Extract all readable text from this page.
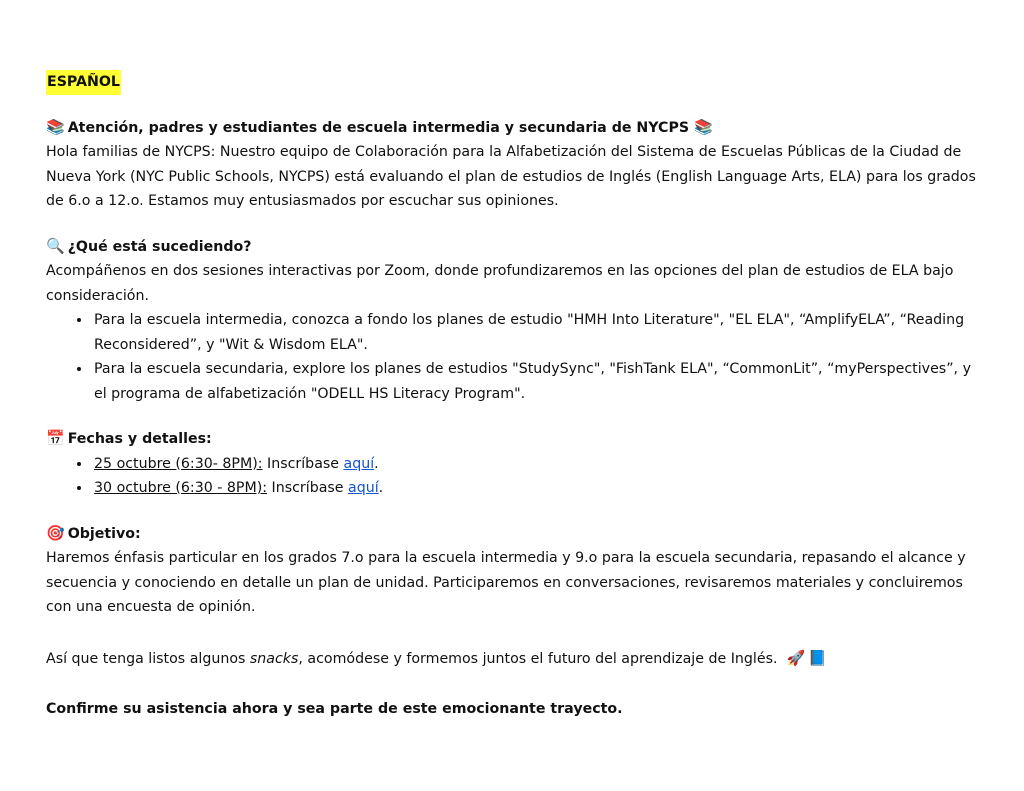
ESPAÑOL

📚 Atención, padres y estudiantes de escuela intermedia y secundaria de NYCPS 📚

Hola familias de NYCPS: Nuestro equipo de Colaboración para la Alfabetización del Sistema de Escuelas Públicas de la Ciudad de Nueva York (NYC Public Schools, NYCPS) está evaluando el plan de estudios de Inglés (English Language Arts, ELA) para los grados de 6.o a 12.o. Estamos muy entusiasmados por escuchar sus opiniones.

🔍 ¿Qué está sucediendo?

Acompáñenos en dos sesiones interactivas por Zoom, donde profundizaremos en las opciones del plan de estudios de ELA bajo consideración.

• Para la escuela intermedia, conozca a fondo los planes de estudio "HMH Into Literature", "EL ELA", “AmplifyELA”, “Reading Reconsidered”, y "Wit & Wisdom ELA".
• Para la escuela secundaria, explore los planes de estudios "StudySync", "FishTank ELA", “CommonLit”, “myPerspectives”, y el programa de alfabetización "ODELL HS Literacy Program".

📅 Fechas y detalles:

• 25 octubre (6:30- 8PM): Inscríbase aquí.
• 30 octubre (6:30 - 8PM): Inscríbase aquí.

🎯 Objetivo:

Haremos énfasis particular en los grados 7.o para la escuela intermedia y 9.o para la escuela secundaria, repasando el alcance y secuencia y conociendo en detalle un plan de unidad. Participaremos en conversaciones, revisaremos materiales y concluiremos con una encuesta de opinión.

Así que tenga listos algunos snacks, acomódese y formemos juntos el futuro del aprendizaje de Inglés. 🚀 📘

Confirme su asistencia ahora y sea parte de este emocionante trayecto.
